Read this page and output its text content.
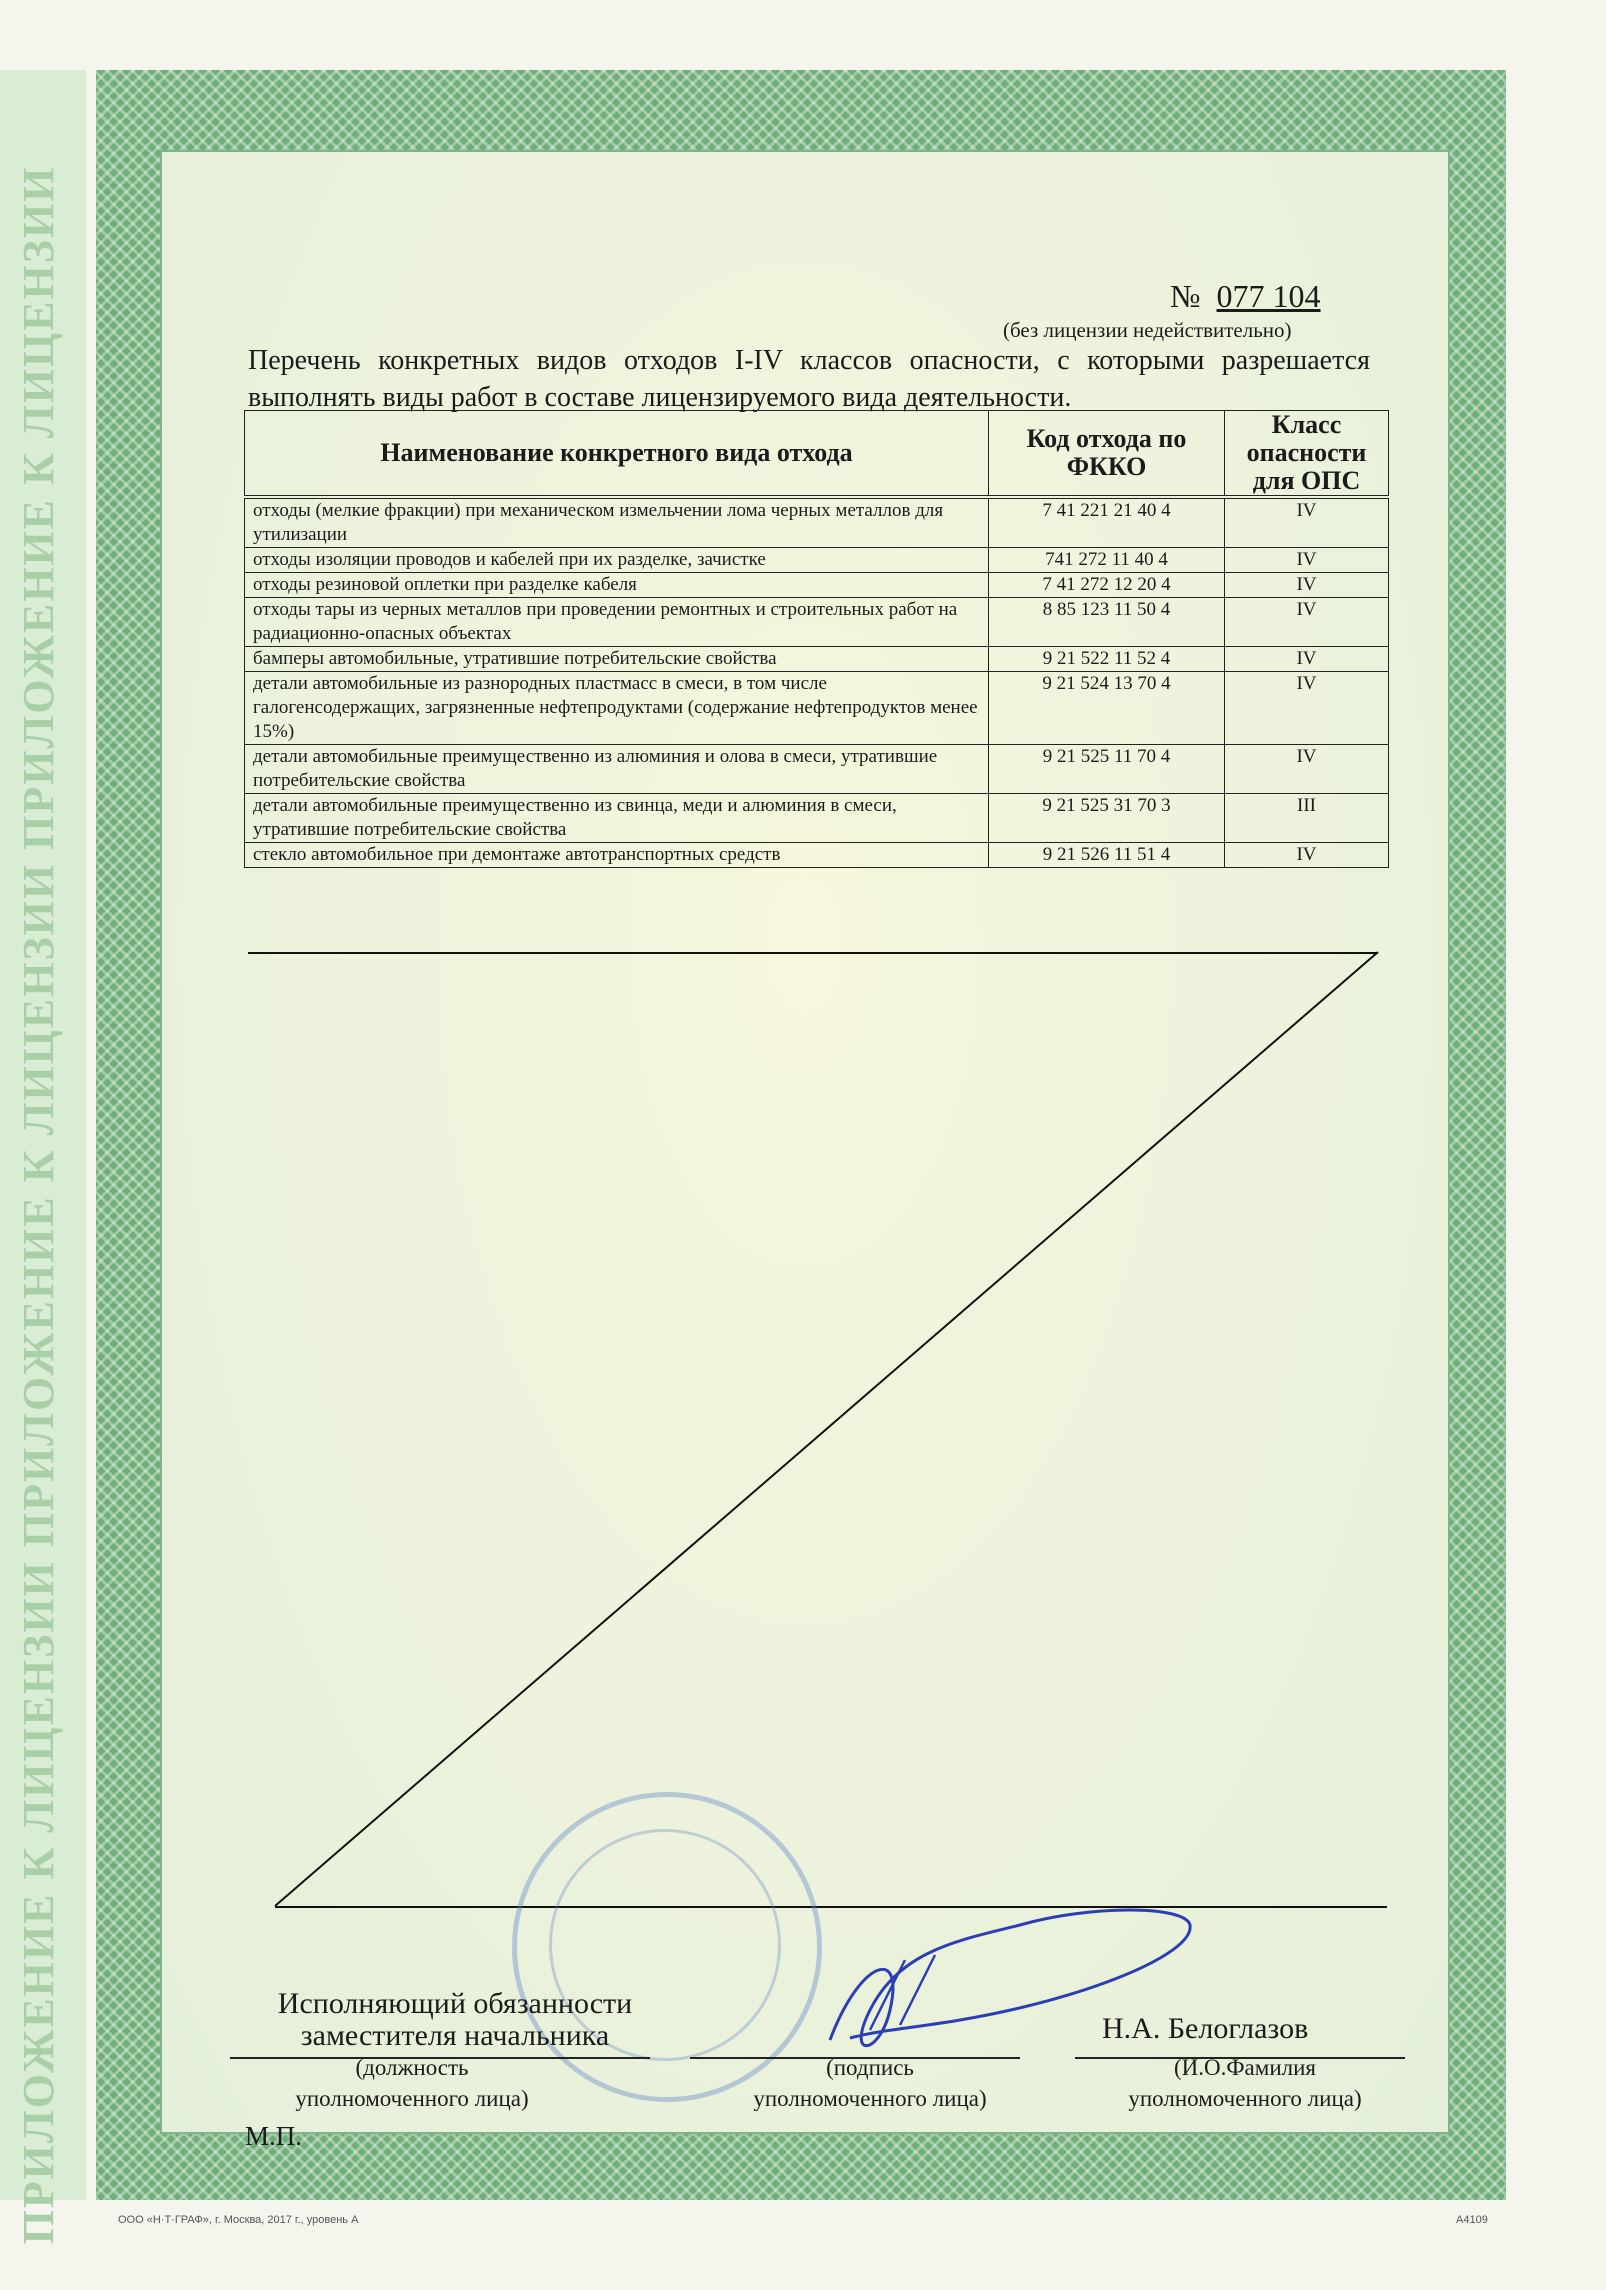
ПРИЛОЖЕНИЕ К ЛИЦЕНЗИИ ПРИЛОЖЕНИЕ К ЛИЦЕНЗИИ ПРИЛОЖЕНИЕ К ЛИЦЕНЗИИ	№ 077 104
(без лицензии недействительно)
Перечень конкретных видов отходов I-IV классов опасности, с которыми разрешается выполнять виды работ в составе лицензируемого вида деятельности.
Наименование конкретного вида отхода	Код отхода по ФККО	Класс опасности для ОПС
отходы (мелкие фракции) при механическом измельчении лома черных металлов для утилизации	7 41 221 21 40 4	IV
отходы изоляции проводов и кабелей при их разделке, зачистке	741 272 11 40 4	IV
отходы резиновой оплетки при разделке кабеля	7 41 272 12 20 4	IV
отходы тары из черных металлов при проведении ремонтных и строительных работ на радиационно-опасных объектах	8 85 123 11 50 4	IV
бамперы автомобильные, утратившие потребительские свойства	9 21 522 11 52 4	IV
детали автомобильные из разнородных пластмасс в смеси, в том числе галогенсодержащих, загрязненные нефтепродуктами (содержание нефтепродуктов менее 15%)	9 21 524 13 70 4	IV
детали автомобильные преимущественно из алюминия и олова в смеси, утратившие потребительские свойства	9 21 525 11 70 4	IV
детали автомобильные преимущественно из свинца, меди и алюминия в смеси, утратившие потребительские свойства	9 21 525 31 70 3	III
стекло автомобильное при демонтаже автотранспортных средств	9 21 526 11 51 4	IV
Исполняющий обязанности
заместителя начальника	Н.А. Белоглазов
(должность
уполномоченного лица)
(подпись
уполномоченного лица)
(И.О.Фамилия
уполномоченного лица)
М.П.
ООО «Н·Т·ГРАФ», г. Москва, 2017 г., уровень А	А4109
